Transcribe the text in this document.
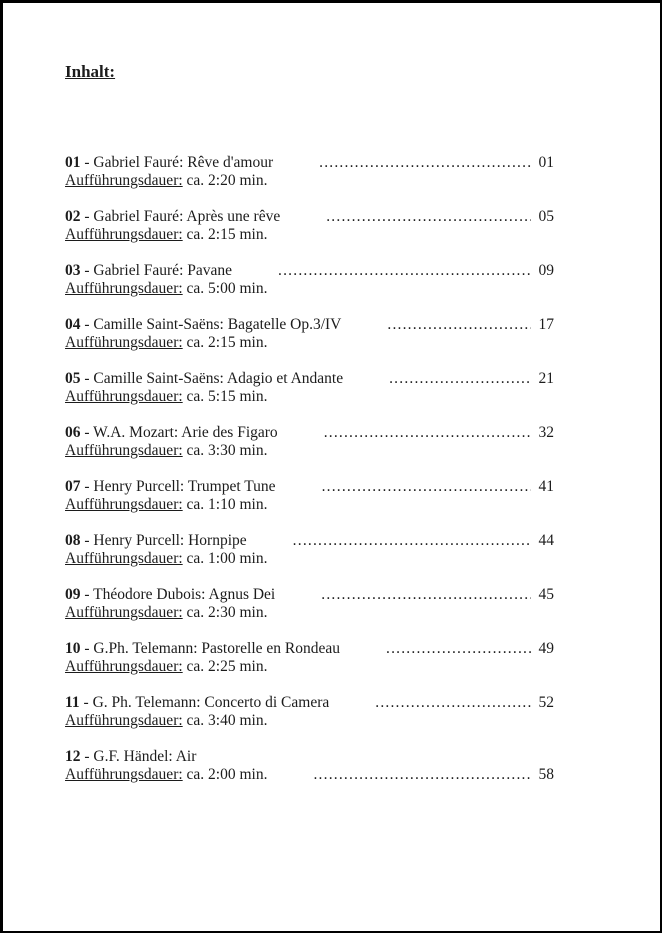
Inhalt:
01 - Gabriel Fauré: Rêve d'amour .....	01
Aufführungsdauer: ca. 2:20 min.
02 - Gabriel Fauré: Après une rêve .....	05
Aufführungsdauer: ca. 2:15 min.
03 - Gabriel Fauré: Pavane .....	09
Aufführungsdauer: ca. 5:00 min.
04 - Camille Saint-Saëns: Bagatelle Op.3/IV .....	17
Aufführungsdauer: ca. 2:15 min.
05 - Camille Saint-Saëns: Adagio et Andante .....	21
Aufführungsdauer: ca. 5:15 min.
06 - W.A. Mozart: Arie des Figaro .....	32
Aufführungsdauer: ca. 3:30 min.
07 - Henry Purcell: Trumpet Tune .....	41
Aufführungsdauer: ca. 1:10 min.
08 - Henry Purcell: Hornpipe .....	44
Aufführungsdauer: ca. 1:00 min.
09 - Théodore Dubois: Agnus Dei .....	45
Aufführungsdauer: ca. 2:30 min.
10 - G.Ph. Telemann: Pastorelle en Rondeau .....	49
Aufführungsdauer: ca. 2:25 min.
11 - G. Ph. Telemann: Concerto di Camera .....	52
Aufführungsdauer: ca. 3:40 min.
12 - G.F. Händel: Air
Aufführungsdauer: ca. 2:00 min. .....	58
